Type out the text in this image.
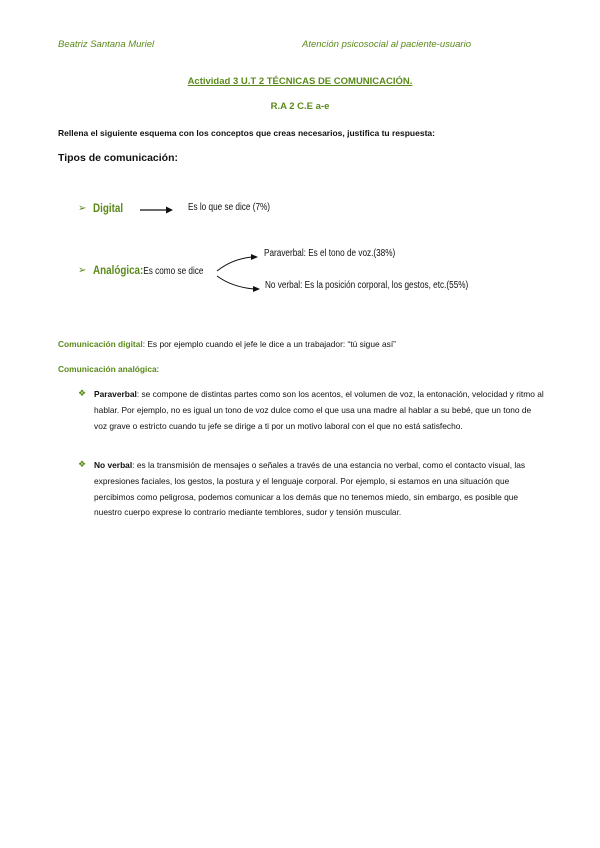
Beatriz Santana Muriel	Atención psicosocial al paciente-usuario
Actividad 3 U.T 2 TÉCNICAS DE COMUNICACIÓN.
R.A 2 C.E a-e
Rellena el siguiente esquema con los conceptos que creas necesarios, justifica tu respuesta:
Tipos de comunicación:
➢ Digital	Es lo que se dice (7%)
➢ Analógica:Es como se dice
Paraverbal: Es el tono de voz.(38%)
No verbal: Es la posición corporal, los gestos, etc.(55%)
Comunicación digital: Es por ejemplo cuando el jefe le dice a un trabajador: “tú sigue así”
Comunicación analógica:
❖ Paraverbal: se compone de distintas partes como son los acentos, el volumen de voz, la entonación, velocidad y ritmo al hablar. Por ejemplo, no es igual un tono de voz dulce como el que usa una madre al hablar a su bebé, que un tono de voz grave o estricto cuando tu jefe se dirige a ti por un motivo laboral con el que no está satisfecho.
❖ No verbal: es la transmisión de mensajes o señales a través de una estancia no verbal, como el contacto visual, las expresiones faciales, los gestos, la postura y el lenguaje corporal. Por ejemplo, si estamos en una situación que percibimos como peligrosa, podemos comunicar a los demás que no tenemos miedo, sin embargo, es posible que nuestro cuerpo exprese lo contrario mediante temblores, sudor y tensión muscular.
